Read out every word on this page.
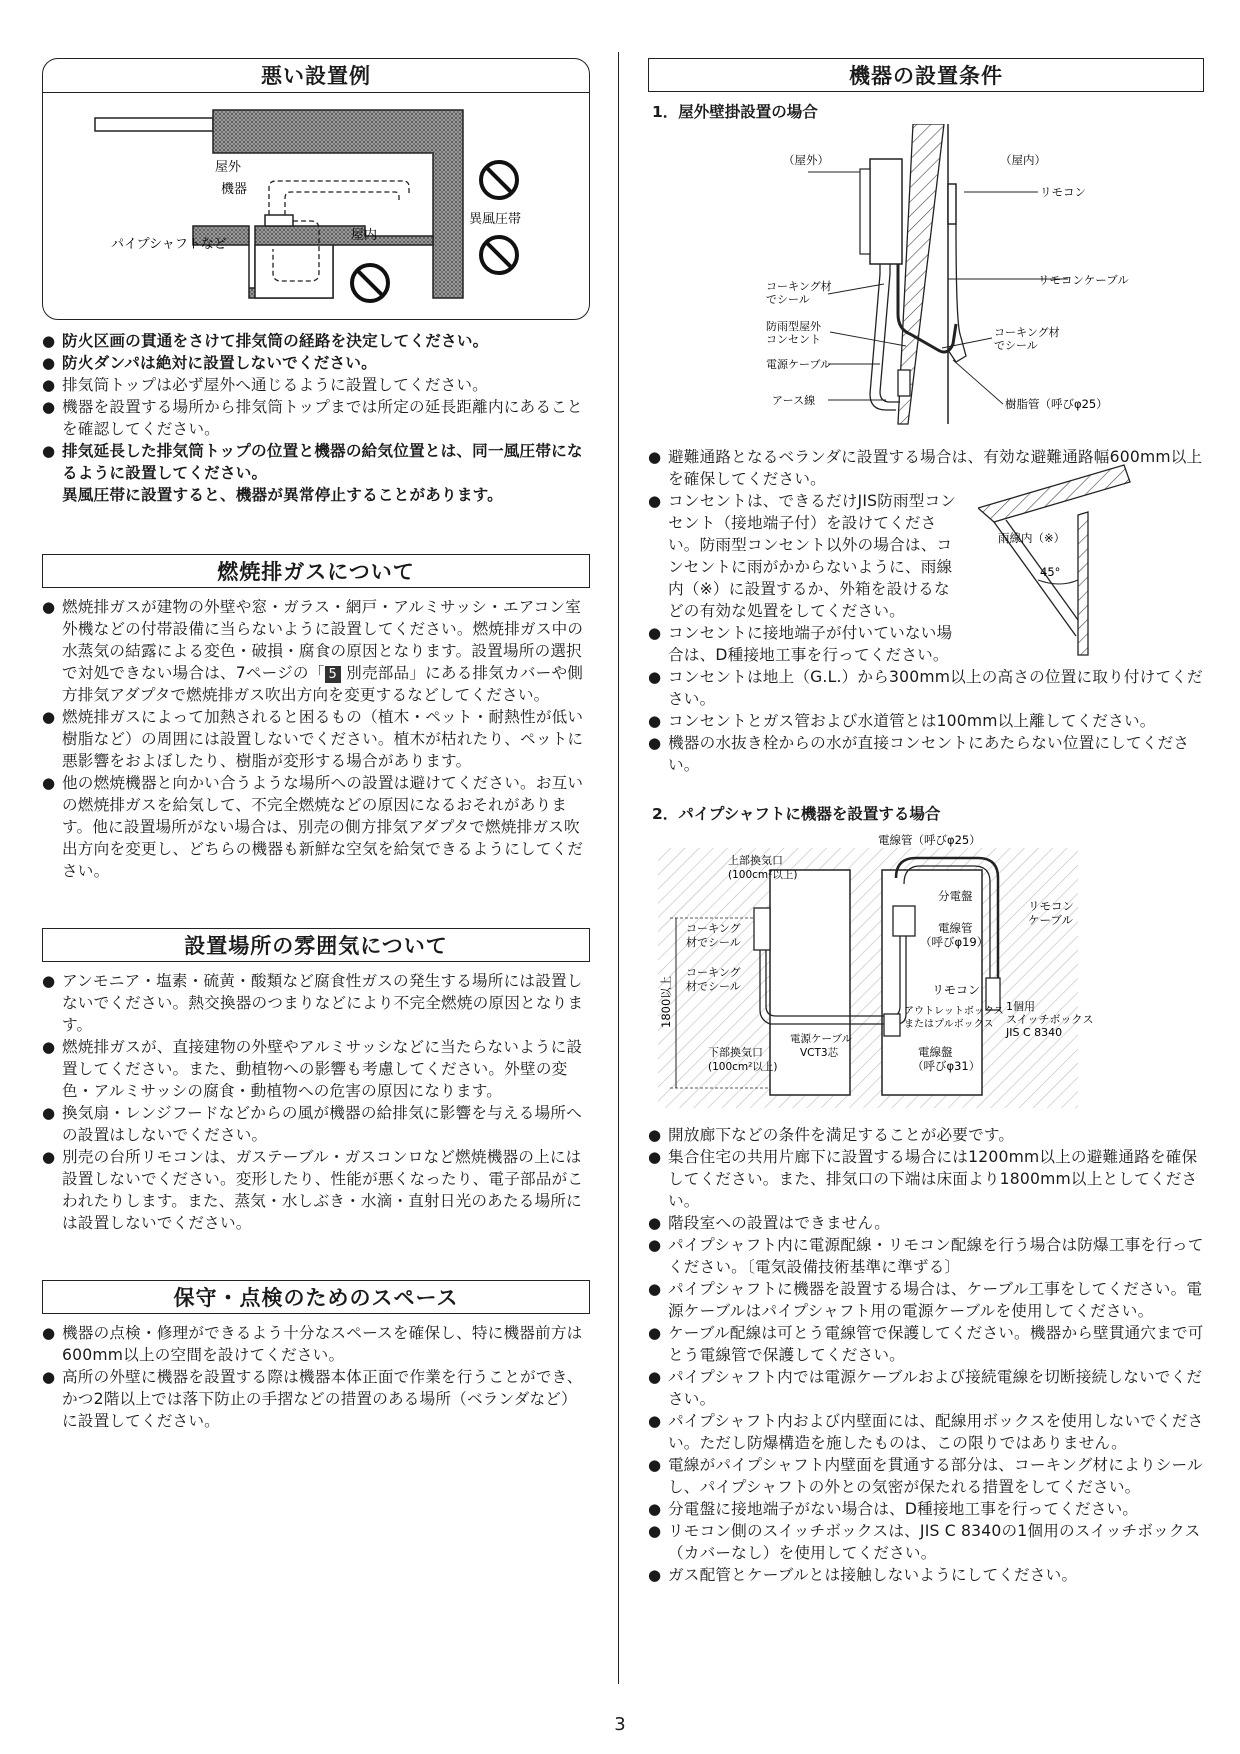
悪い設置例
屋外
機器
屋内
パイプシャフトなど
異風圧帯
● 防火区画の貫通をさけて排気筒の経路を決定してください。
● 防火ダンパは絶対に設置しないでください。
● 排気筒トップは必ず屋外へ通じるように設置してください。
● 機器を設置する場所から排気筒トップまでは所定の延長距離内にあることを確認してください。
● 排気延長した排気筒トップの位置と機器の給気位置とは、同一風圧帯になるように設置してください。
異風圧帯に設置すると、機器が異常停止することがあります。
燃焼排ガスについて
● 燃焼排ガスが建物の外壁や窓・ガラス・網戸・アルミサッシ・エアコン室外機などの付帯設備に当らないように設置してください。燃焼排ガス中の水蒸気の結露による変色・破損・腐食の原因となります。設置場所の選択で対処できない場合は、7ページの「 5 別売部品」にある排気カバーや側方排気アダプタで燃焼排ガス吹出方向を変更するなどしてください。
● 燃焼排ガスによって加熱されると困るもの（植木・ペット・耐熱性が低い樹脂など）の周囲には設置しないでください。植木が枯れたり、ペットに悪影響をおよぼしたり、樹脂が変形する場合があります。
● 他の燃焼機器と向かい合うような場所への設置は避けてください。お互いの燃焼排ガスを給気して、不完全燃焼などの原因になるおそれがあります。他に設置場所がない場合は、別売の側方排気アダプタで燃焼排ガス吹出方向を変更し、どちらの機器も新鮮な空気を給気できるようにしてください。
設置場所の雰囲気について
● アンモニア・塩素・硫黄・酸類など腐食性ガスの発生する場所には設置しないでください。熱交換器のつまりなどにより不完全燃焼の原因となります。
● 燃焼排ガスが、直接建物の外壁やアルミサッシなどに当たらないように設置してください。また、動植物への影響も考慮してください。外壁の変色・アルミサッシの腐食・動植物への危害の原因になります。
● 換気扇・レンジフードなどからの風が機器の給排気に影響を与える場所への設置はしないでください。
● 別売の台所リモコンは、ガステーブル・ガスコンロなど燃焼機器の上には設置しないでください。変形したり、性能が悪くなったり、電子部品がこわれたりします。また、蒸気・水しぶき・水滴・直射日光のあたる場所には設置しないでください。
保守・点検のためのスペース
● 機器の点検・修理ができるよう十分なスペースを確保し、特に機器前方は600mm以上の空間を設けてください。
● 高所の外壁に機器を設置する際は機器本体正面で作業を行うことができ、かつ2階以上では落下防止の手摺などの措置のある場所（ベランダなど）に設置してください。
機器の設置条件

1．屋外壁掛設置の場合

（屋外）	（屋内）
リモコン
リモコンケーブル
コーキング材
でシール
防雨型屋外
コンセント
電源ケーブル
アース線
コーキング材
でシール
樹脂管（呼びφ25）
雨線内（※）
45°
● 避難通路となるベランダに設置する場合は、有効な避難通路幅600mm以上を確保してください。
● コンセントは、できるだけJIS防雨型コンセント（接地端子付）を設けてください。防雨型コンセント以外の場合は、コンセントに雨がかからないように、雨線内（※）に設置するか、外箱を設けるなどの有効な処置をしてください。
● コンセントに接地端子が付いていない場合は、D種接地工事を行ってください。
● コンセントは地上（G.L.）から300mm以上の高さの位置に取り付けてください。
● コンセントとガス管および水道管とは100mm以上離してください。
● 機器の水抜き栓からの水が直接コンセントにあたらない位置にしてください。

2．パイプシャフトに機器を設置する場合

電線管（呼びφ25）
上部換気口
(100cm²以上)
分電盤
リモコン
ケーブル
電線管
（呼びφ19）
コーキング
材でシール
コーキング
材でシール
1800以上	リモコン
アウトレットボックス
またはプルボックス
1個用
スイッチボックス
JIS C 8340
電源ケーブル
VCT3芯
下部換気口
(100cm²以上)
電線盤
（呼びφ31）
● 開放廊下などの条件を満足することが必要です。
● 集合住宅の共用片廊下に設置する場合には1200mm以上の避難通路を確保してください。また、排気口の下端は床面より1800mm以上としてください。
● 階段室への設置はできません。
● パイプシャフト内に電源配線・リモコン配線を行う場合は防爆工事を行ってください。〔電気設備技術基準に準ずる〕
● パイプシャフトに機器を設置する場合は、ケーブル工事をしてください。電源ケーブルはパイプシャフト用の電源ケーブルを使用してください。
● ケーブル配線は可とう電線管で保護してください。機器から壁貫通穴まで可とう電線管で保護してください。
● パイプシャフト内では電源ケーブルおよび接続電線を切断接続しないでください。
● パイプシャフト内および内壁面には、配線用ボックスを使用しないでください。ただし防爆構造を施したものは、この限りではありません。
● 電線がパイプシャフト内壁面を貫通する部分は、コーキング材によりシールし、パイプシャフトの外との気密が保たれる措置をしてください。
● 分電盤に接地端子がない場合は、D種接地工事を行ってください。
● リモコン側のスイッチボックスは、JIS C 8340の1個用のスイッチボックス（カバーなし）を使用してください。
● ガス配管とケーブルとは接触しないようにしてください。
3
